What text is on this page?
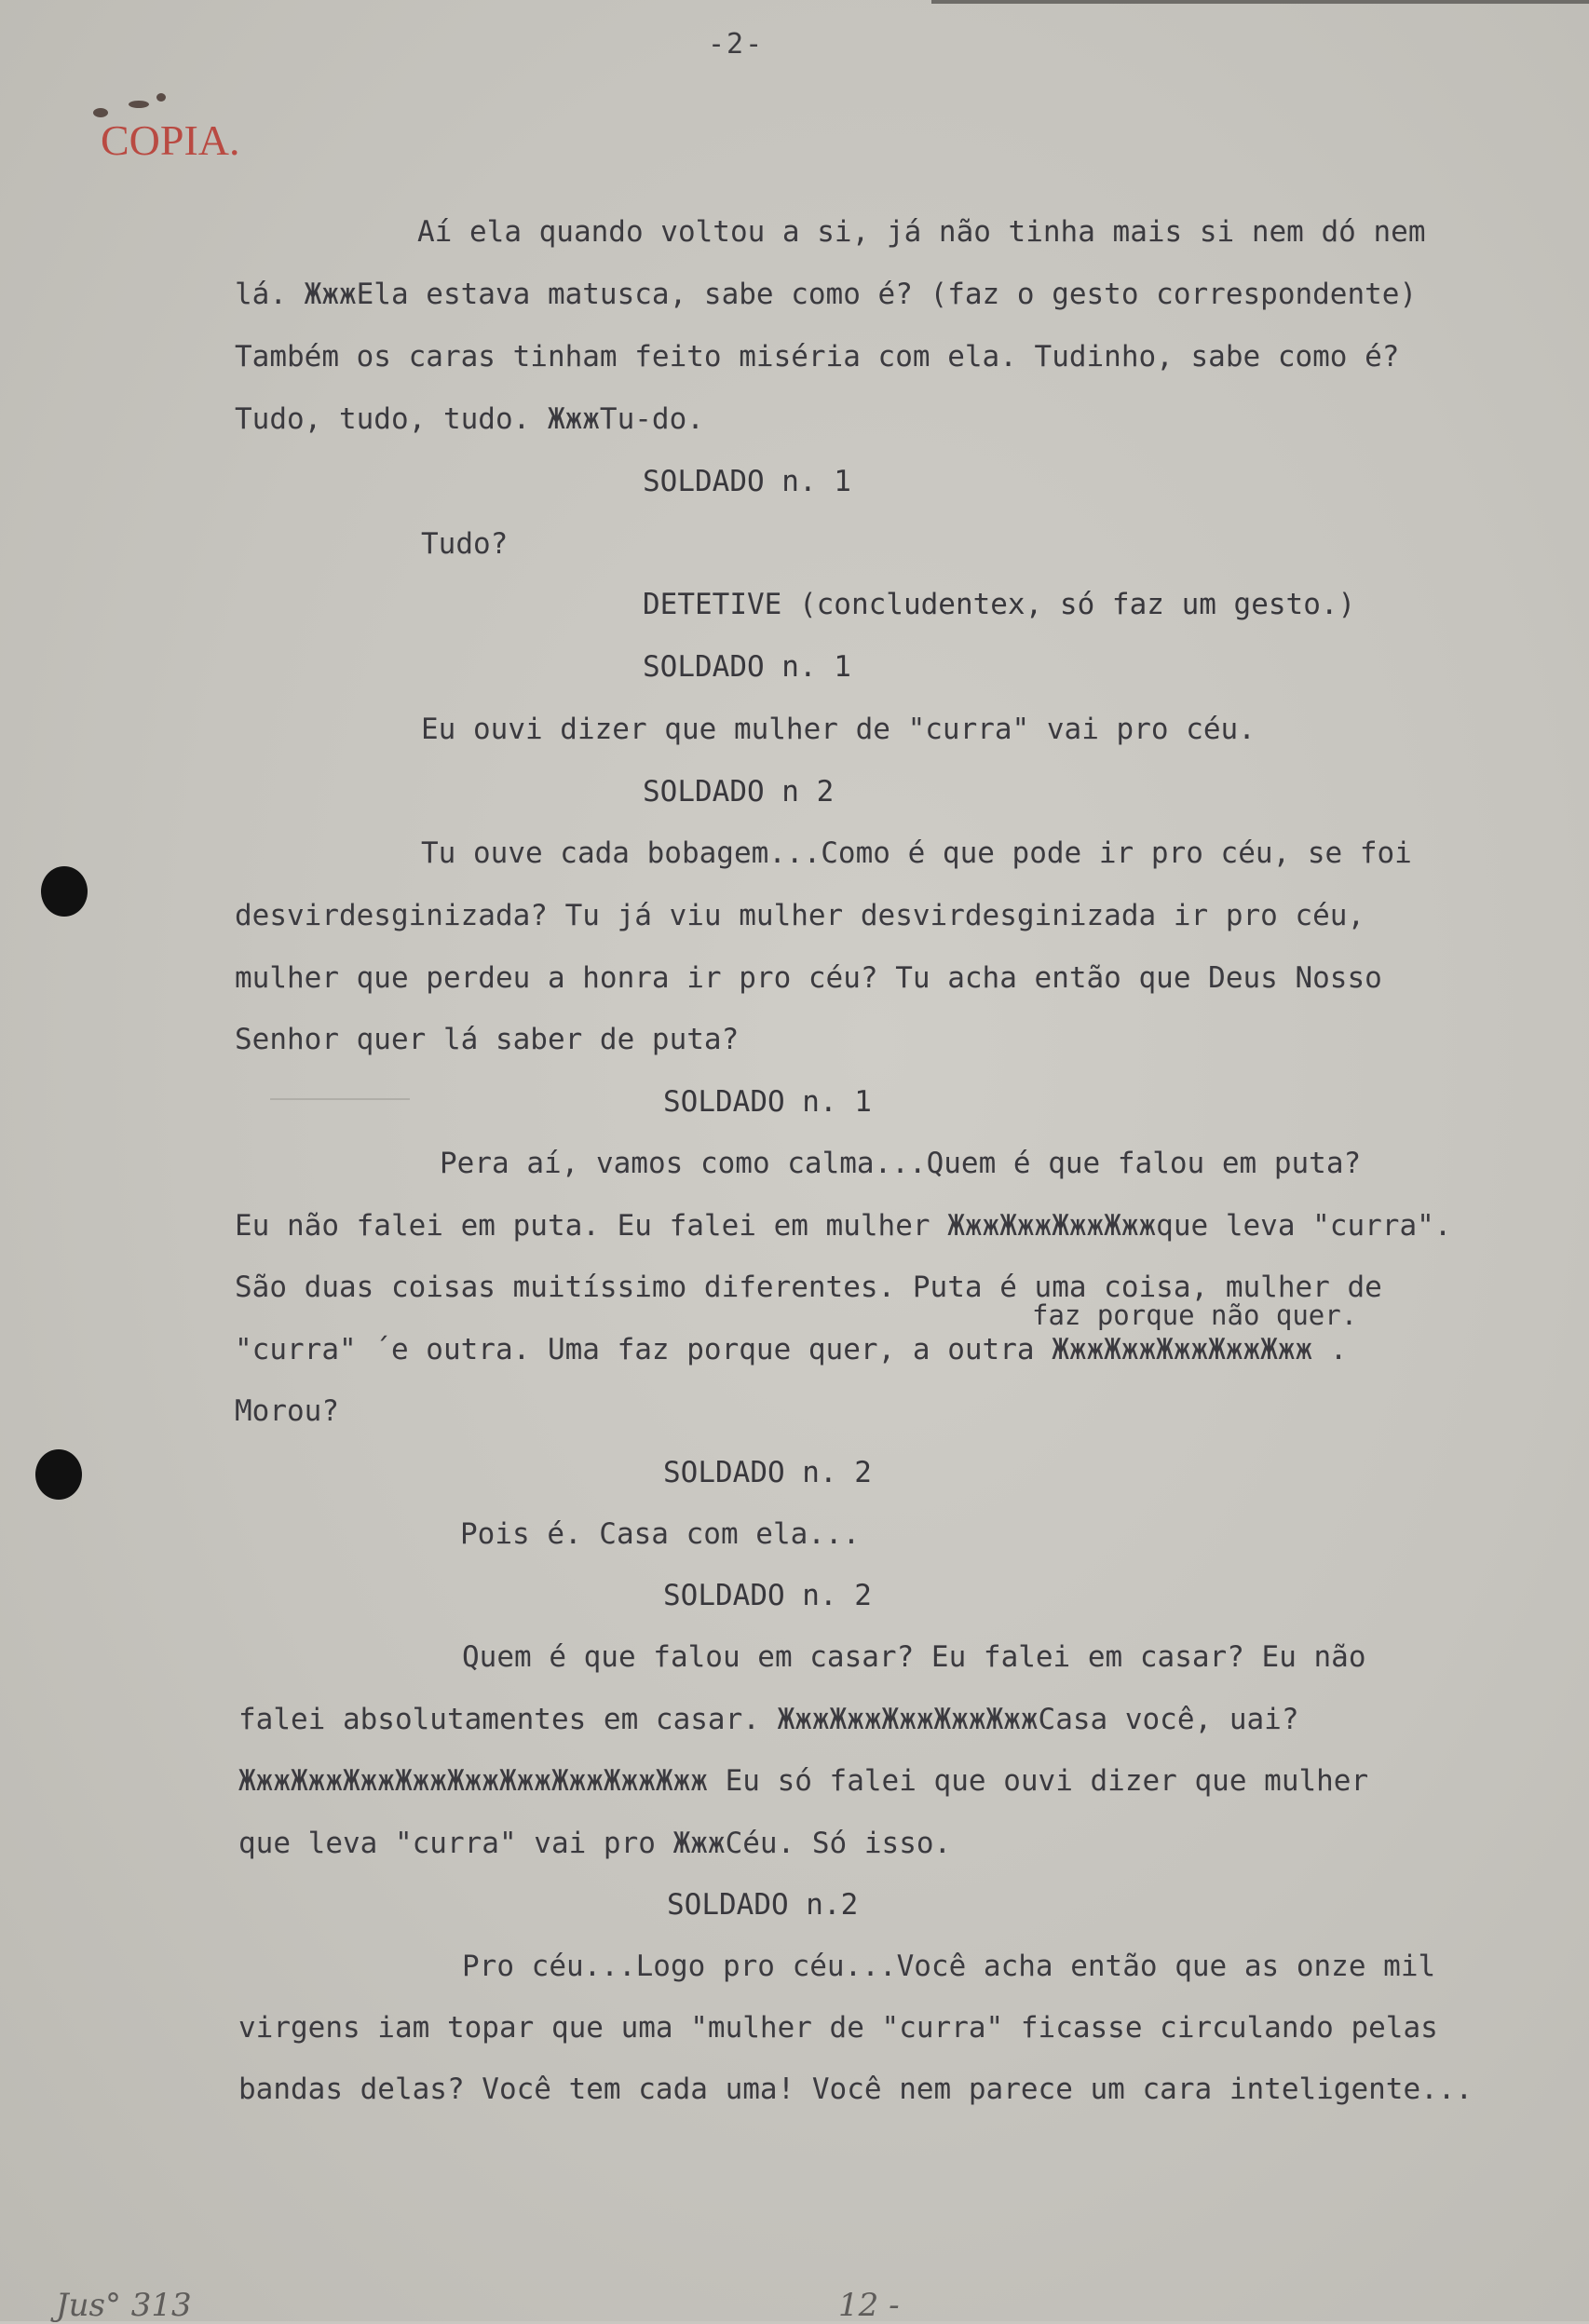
-2-
COPIA.
Aí ela quando voltou a si, já não tinha mais si nem dó nem
lá. ЖжжEla estava matusca, sabe como é? (faz o gesto correspondente)
Também os caras tinham feito miséria com ela. Tudinho, sabe como é?
Tudo, tudo, tudo. ЖжжTu-do.
SOLDADO n. 1
Tudo?
DETETIVE (concludentex, só faz um gesto.)
SOLDADO n. 1
Eu ouvi dizer que mulher de "curra" vai pro céu.
SOLDADO n 2
Tu ouve cada bobagem...Como é que pode ir pro céu, se foi
desvirdesginizada? Tu já viu mulher desvirdesginizada ir pro céu,
mulher que perdeu a honra ir pro céu? Tu acha então que Deus Nosso
Senhor quer lá saber de puta?
SOLDADO n. 1
Pera aí, vamos como calma...Quem é que falou em puta?
Eu não falei em puta. Eu falei em mulher ЖжжЖжжЖжжЖжжque leva "curra".
São duas coisas muitíssimo diferentes. Puta é uma coisa, mulher de
faz porque não quer.
"curra" ´e outra. Uma faz porque quer, a outra ЖжжЖжжЖжжЖжжЖжж .
Morou?
SOLDADO n. 2
Pois é. Casa com ela...
SOLDADO n. 2
Quem é que falou em casar? Eu falei em casar? Eu não
falei absolutamentes em casar. ЖжжЖжжЖжжЖжжЖжжCasa você, uai?
ЖжжЖжжЖжжЖжжЖжжЖжжЖжжЖжжЖжж Eu só falei que ouvi dizer que mulher
que leva "curra" vai pro ЖжжCéu. Só isso.
SOLDADO n.2
Pro céu...Logo pro céu...Você acha então que as onze mil
virgens iam topar que uma "mulher de "curra" ficasse circulando pelas
bandas delas? Você tem cada uma! Você nem parece um cara inteligente...
Jus° 313	12 -
